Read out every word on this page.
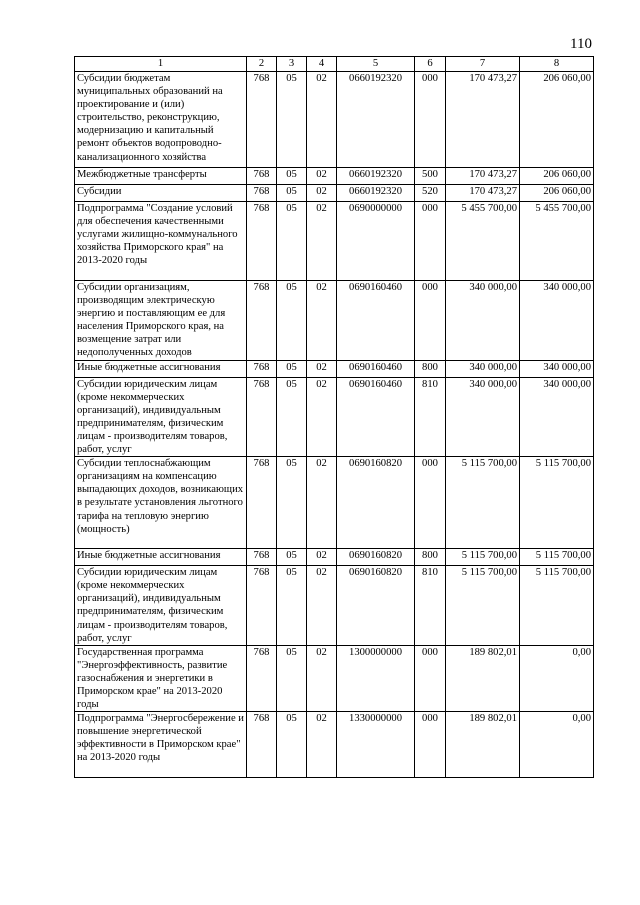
110
1	2	3	4	5	6	7	8
Субсидии бюджетам муниципальных образований на проектирование и (или) строительство, реконструкцию, модернизацию и капитальный ремонт объектов водопроводно-канализационного хозяйства	768	05	02	0660192320	000	170 473,27	206 060,00
Межбюджетные трансферты	768	05	02	0660192320	500	170 473,27	206 060,00
Субсидии	768	05	02	0660192320	520	170 473,27	206 060,00
Подпрограмма "Создание условий для обеспечения качественными услугами жилищно-коммунального хозяйства Приморского края" на 2013-2020 годы	768	05	02	0690000000	000	5 455 700,00	5 455 700,00
Субсидии организациям, производящим электрическую энергию и поставляющим ее для населения Приморского края, на возмещение затрат или недополученных доходов	768	05	02	0690160460	000	340 000,00	340 000,00
Иные бюджетные ассигнования	768	05	02	0690160460	800	340 000,00	340 000,00
Субсидии юридическим лицам (кроме некоммерческих организаций), индивидуальным предпринимателям, физическим лицам - производителям товаров, работ, услуг	768	05	02	0690160460	810	340 000,00	340 000,00
Субсидии теплоснабжающим организациям на компенсацию выпадающих доходов, возникающих в результате установления льготного тарифа на тепловую энергию (мощность)	768	05	02	0690160820	000	5 115 700,00	5 115 700,00
Иные бюджетные ассигнования	768	05	02	0690160820	800	5 115 700,00	5 115 700,00
Субсидии юридическим лицам (кроме некоммерческих организаций), индивидуальным предпринимателям, физическим лицам - производителям товаров, работ, услуг	768	05	02	0690160820	810	5 115 700,00	5 115 700,00
Государственная программа "Энергоэффективность, развитие газоснабжения и энергетики в Приморском крае" на 2013-2020 годы	768	05	02	1300000000	000	189 802,01	0,00
Подпрограмма "Энергосбережение и повышение энергетической эффективности в Приморском крае" на 2013-2020 годы	768	05	02	1330000000	000	189 802,01	0,00
